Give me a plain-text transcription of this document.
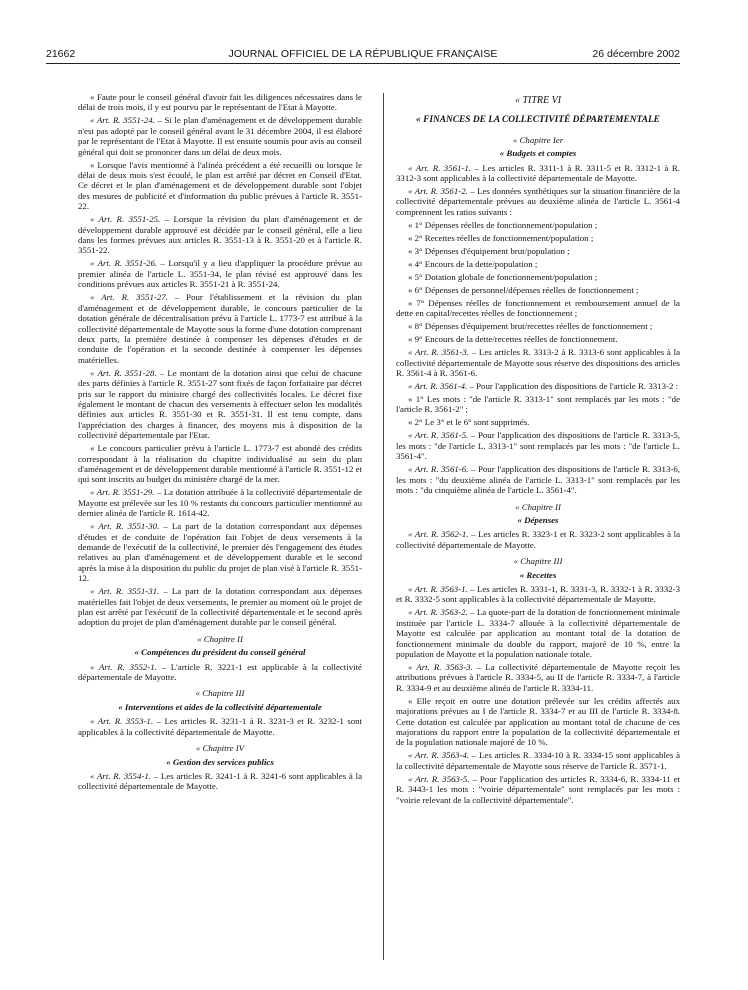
21662	JOURNAL OFFICIEL DE LA RÉPUBLIQUE FRANÇAISE	26 décembre 2002

« Faute pour le conseil général d'avoir fait les diligences nécessaires dans le délai de trois mois, il y est pourvu par le représentant de l'Etat à Mayotte.

« Art. R. 3551-24. – Si le plan d'aménagement et de développement durable n'est pas adopté par le conseil général avant le 31 décembre 2004, il est élaboré par le représentant de l'Etat à Mayotte. Il est ensuite soumis pour avis au conseil général qui doit se prononcer dans un délai de deux mois.

« Lorsque l'avis mentionné à l'alinéa précédent a été recueilli ou lorsque le délai de deux mois s'est écoulé, le plan est arrêté par décret en Conseil d'Etat. Ce décret et le plan d'aménagement et de développement durable sont l'objet des mesures de publicité et d'information du public prévues à l'article R. 3551-22.

« Art. R. 3551-25. – Lorsque la révision du plan d'aménagement et de développement durable approuvé est décidée par le conseil général, elle a lieu dans les formes prévues aux articles R. 3551-13 à R. 3551-20 et à l'article R. 3551-22.

« Art. R. 3551-26. – Lorsqu'il y a lieu d'appliquer la procédure prévue au premier alinéa de l'article L. 3551-34, le plan révisé est approuvé dans les conditions prévues aux articles R. 3551-21 à R. 3551-24.

« Art. R. 3551-27. – Pour l'établissement et la révision du plan d'aménagement et de développement durable, le concours particulier de la dotation générale de décentralisation prévu à l'article L. 1773-7 est attribué à la collectivité départementale de Mayotte sous la forme d'une dotation comprenant deux parts, la première destinée à compenser les dépenses d'études et de conduite de l'opération et la seconde destinée à compenser les dépenses matérielles.

« Art. R. 3551-28. – Le montant de la dotation ainsi que celui de chacune des parts définies à l'article R. 3551-27 sont fixés de façon forfaitaire par décret pris sur le rapport du ministre chargé des collectivités locales. Le décret fixe également le montant de chacun des versements à effectuer selon les modalités définies aux articles R. 3551-30 et R. 3551-31. Il est tenu compte, dans l'appréciation des charges à financer, des moyens mis à disposition de la collectivité départementale par l'Etat.

« Le concours particulier prévu à l'article L. 1773-7 est abondé des crédits correspondant à la réalisation du chapitre individualisé au sein du plan d'aménagement et de développement durable mentionné à l'article R. 3551-12 et qui sont inscrits au budget du ministère chargé de la mer.

« Art. R. 3551-29. – La dotation attribuée à la collectivité départementale de Mayotte est prélevée sur les 10 % restants du concours particulier mentionné au dernier alinéa de l'article R. 1614-42.

« Art. R. 3551-30. – La part de la dotation correspondant aux dépenses d'études et de conduite de l'opération fait l'objet de deux versements à la demande de l'exécutif de la collectivité, le premier dès l'engagement des études relatives au plan d'aménagement et de développement durable et le second après la mise à la disposition du public du projet de plan visé à l'article R. 3551-12.

« Art. R. 3551-31. – La part de la dotation correspondant aux dépenses matérielles fait l'objet de deux versements, le premier au moment où le projet de plan est arrêté par l'exécutif de la collectivité départementale et le second après adoption du projet de plan d'aménagement durable par le conseil général.

« Chapitre II

« Compétences du président du conseil général

« Art. R. 3552-1. – L'article R. 3221-1 est applicable à la collectivité départementale de Mayotte.

« Chapitre III

« Interventions et aides de la collectivité départementale

« Art. R. 3553-1. – Les articles R. 3231-1 à R. 3231-3 et R. 3232-1 sont applicables à la collectivité départementale de Mayotte.

« Chapitre IV

« Gestion des services publics

« Art. R. 3554-1. – Les articles R. 3241-1 à R. 3241-6 sont applicables à la collectivité départementale de Mayotte.

« TITRE VI

« FINANCES DE LA COLLECTIVITÉ DÉPARTEMENTALE

« Chapitre Ier

« Budgets et comptes

« Art. R. 3561-1. – Les articles R. 3311-1 à R. 3311-5 et R. 3312-1 à R. 3312-3 sont applicables à la collectivité départementale de Mayotte.

« Art. R. 3561-2. – Les données synthétiques sur la situation financière de la collectivité départementale prévues au deuxième alinéa de l'article L. 3561-4 comprennent les ratios suivants :

« 1° Dépenses réelles de fonctionnement/population ;

« 2° Recettes réelles de fonctionnement/population ;

« 3° Dépenses d'équipement brut/population ;

« 4° Encours de la dette/population ;

« 5° Dotation globale de fonctionnement/population ;

« 6° Dépenses de personnel/dépenses réelles de fonctionnement ;

« 7° Dépenses réelles de fonctionnement et remboursement annuel de la dette en capital/recettes réelles de fonctionnement ;

« 8° Dépenses d'équipement brut/recettes réelles de fonctionnement ;

« 9° Encours de la dette/recettes réelles de fonctionnement.

« Art. R. 3561-3. – Les articles R. 3313-2 à R. 3313-6 sont applicables à la collectivité départementale de Mayotte sous réserve des dispositions des articles R. 3561-4 à R. 3561-6.

« Art. R. 3561-4. – Pour l'application des dispositions de l'article R. 3313-2 :

« 1° Les mots : "de l'article R. 3313-1" sont remplacés par les mots : "de l'article R. 3561-2" ;

« 2° Le 3° et le 6° sont supprimés.

« Art. R. 3561-5. – Pour l'application des dispositions de l'article R. 3313-5, les mots : "de l'article L. 3313-1" sont remplacés par les mots : "de l'article L. 3561-4".

« Art. R. 3561-6. – Pour l'application des dispositions de l'article R. 3313-6, les mots : "du deuxième alinéa de l'article L. 3313-1" sont remplacés par les mots : "du cinquième alinéa de l'article L. 3561-4".

« Chapitre II

« Dépenses

« Art. R. 3562-1. – Les articles R. 3323-1 et R. 3323-2 sont applicables à la collectivité départementale de Mayotte.

« Chapitre III

« Recettes

« Art. R. 3563-1. – Les articles R. 3331-1, R. 3331-3, R. 3332-1 à R. 3332-3 et R. 3332-5 sont applicables à la collectivité départementale de Mayotte.

« Art. R. 3563-2. – La quote-part de la dotation de fonctionnement minimale instituée par l'article L. 3334-7 allouée à la collectivité départementale de Mayotte est calculée par application au montant total de la dotation de fonctionnement minimale du double du rapport, majoré de 10 %, entre la population de Mayotte et la population nationale totale.

« Art. R. 3563-3. – La collectivité départementale de Mayotte reçoit les attributions prévues à l'article R. 3334-5, au II de l'article R. 3334-7, à l'article R. 3334-9 et au deuxième alinéa de l'article R. 3334-11.

« Elle reçoit en outre une dotation prélevée sur les crédits affectés aux majorations prévues au I de l'article R. 3334-7 et au III de l'article R. 3334-8. Cette dotation est calculée par application au montant total de chacune de ces majorations du rapport entre la population de la collectivité départementale et de la population nationale majoré de 10 %.

« Art. R. 3563-4. – Les articles R. 3334-10 à R. 3334-15 sont applicables à la collectivité départementale de Mayotte sous réserve de l'article R. 3571-1.

« Art. R. 3563-5. – Pour l'application des articles R. 3334-6, R. 3334-11 et R. 3443-1 les mots : "voirie départementale" sont remplacés par les mots : "voirie relevant de la collectivité départementale".
